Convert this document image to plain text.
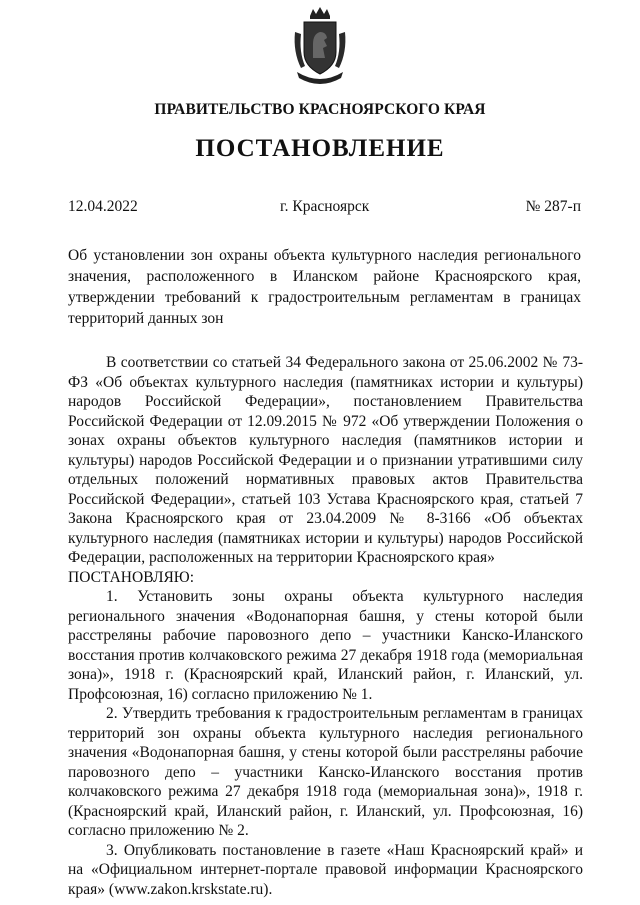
ПРАВИТЕЛЬСТВО КРАСНОЯРСКОГО КРАЯ
ПОСТАНОВЛЕНИЕ
12.04.2022	г. Красноярск	№ 287-п
Об установлении зон охраны объекта культурного наследия регионального значения, расположенного в Иланском районе Красноярского края, утверждении требований к градостроительным регламентам в границах территорий данных зон

В соответствии со статьей 34 Федерального закона от 25.06.2002 № 73-ФЗ «Об объектах культурного наследия (памятниках истории и культуры) народов Российской Федерации», постановлением Правительства Российской Федерации от 12.09.2015 № 972 «Об утверждении Положения о зонах охраны объектов культурного наследия (памятников истории и культуры) народов Российской Федерации и о признании утратившими силу отдельных положений нормативных правовых актов Правительства Российской Федерации», статьей 103 Устава Красноярского края, статьей 7 Закона Красноярского края от 23.04.2009 № 8-3166 «Об объектах культурного наследия (памятниках истории и культуры) народов Российской Федерации, расположенных на территории Красноярского края»

ПОСТАНОВЛЯЮ:

1. Установить зоны охраны объекта культурного наследия регионального значения «Водонапорная башня, у стены которой были расстреляны рабочие паровозного депо – участники Канско-Иланского восстания против колчаковского режима 27 декабря 1918 года (мемориальная зона)», 1918 г. (Красноярский край, Иланский район, г. Иланский, ул. Профсоюзная, 16) согласно приложению № 1.

2. Утвердить требования к градостроительным регламентам в границах территорий зон охраны объекта культурного наследия регионального значения «Водонапорная башня, у стены которой были расстреляны рабочие паровозного депо – участники Канско-Иланского восстания против колчаковского режима 27 декабря 1918 года (мемориальная зона)», 1918 г. (Красноярский край, Иланский район, г. Иланский, ул. Профсоюзная, 16) согласно приложению № 2.

3. Опубликовать постановление в газете «Наш Красноярский край» и на «Официальном интернет-портале правовой информации Красноярского края» (www.zakon.krskstate.ru).
